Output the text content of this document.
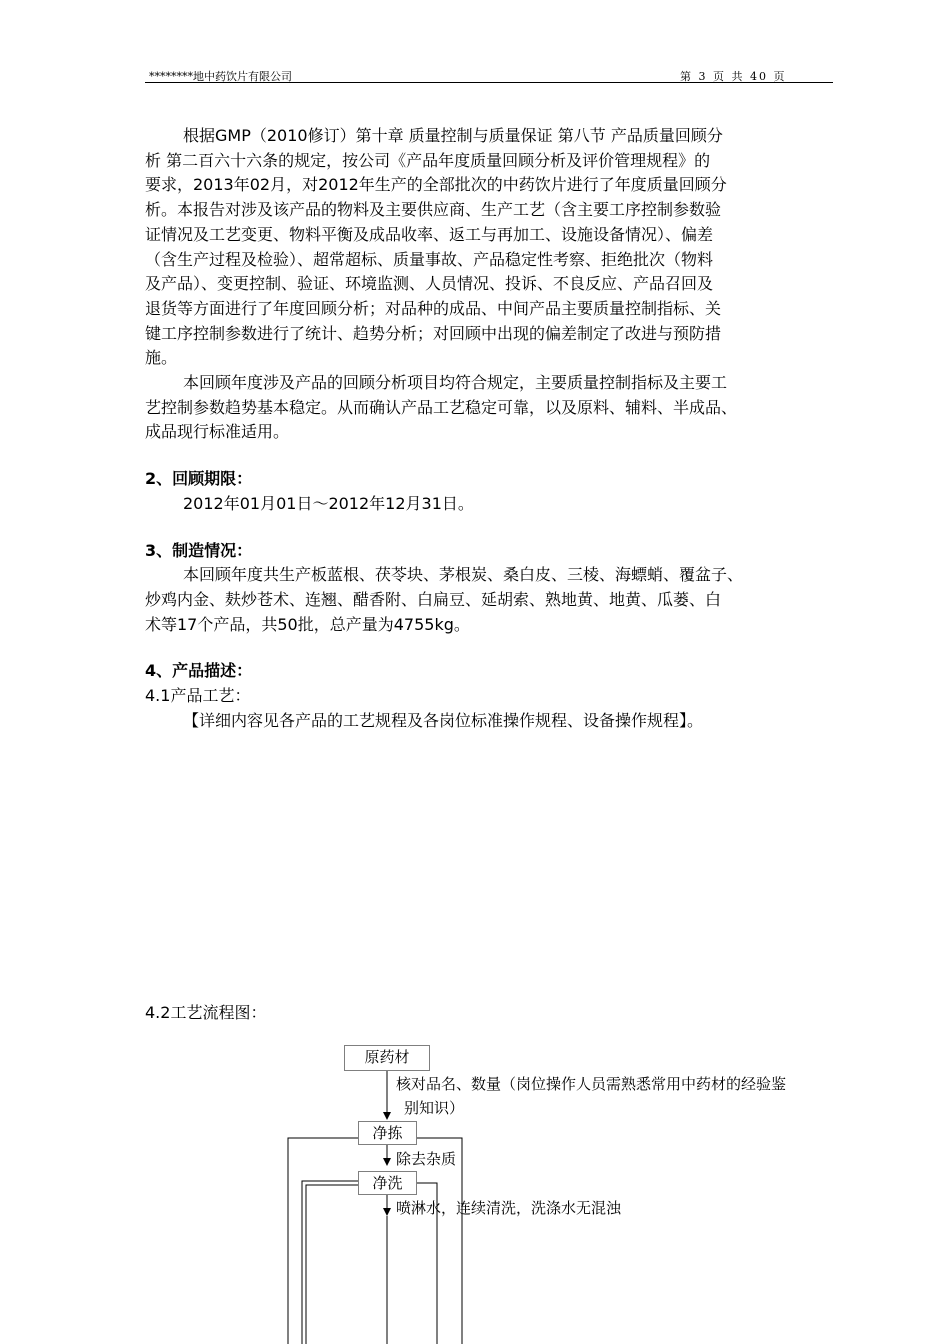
********地中药饮片有限公司	第 3 页 共 40 页

根据GMP（2010修订）第十章 质量控制与质量保证 第八节 产品质量回顾分

析 第二百六十六条的规定，按公司《产品年度质量回顾分析及评价管理规程》的

要求，2013年02月，对2012年生产的全部批次的中药饮片进行了年度质量回顾分

析。本报告对涉及该产品的物料及主要供应商、生产工艺（含主要工序控制参数验

证情况及工艺变更、物料平衡及成品收率、返工与再加工、设施设备情况）、偏差

（含生产过程及检验）、超常超标、质量事故、产品稳定性考察、拒绝批次（物料

及产品）、变更控制、验证、环境监测、人员情况、投诉、不良反应、产品召回及

退货等方面进行了年度回顾分析；对品种的成品、中间产品主要质量控制指标、关

键工序控制参数进行了统计、趋势分析；对回顾中出现的偏差制定了改进与预防措

施。

本回顾年度涉及产品的回顾分析项目均符合规定，主要质量控制指标及主要工

艺控制参数趋势基本稳定。从而确认产品工艺稳定可靠，以及原料、辅料、半成品、

成品现行标准适用。

2、回顾期限：

2012年01月01日～2012年12月31日。

3、制造情况：

本回顾年度共生产板蓝根、茯苓块、茅根炭、桑白皮、三棱、海螵蛸、覆盆子、

炒鸡内金、麸炒苍术、连翘、醋香附、白扁豆、延胡索、熟地黄、地黄、瓜蒌、白

术等17个产品，共50批，总产量为4755kg。

4、产品描述：

4.1产品工艺：

【详细内容见各产品的工艺规程及各岗位标准操作规程、设备操作规程】。

4.2工艺流程图：
原药材
核对品名、数量（岗位操作人员需熟悉常用中药材的经验鉴
别知识）
净拣
除去杂质
净洗
喷淋水，连续清洗，洗涤水无混浊
